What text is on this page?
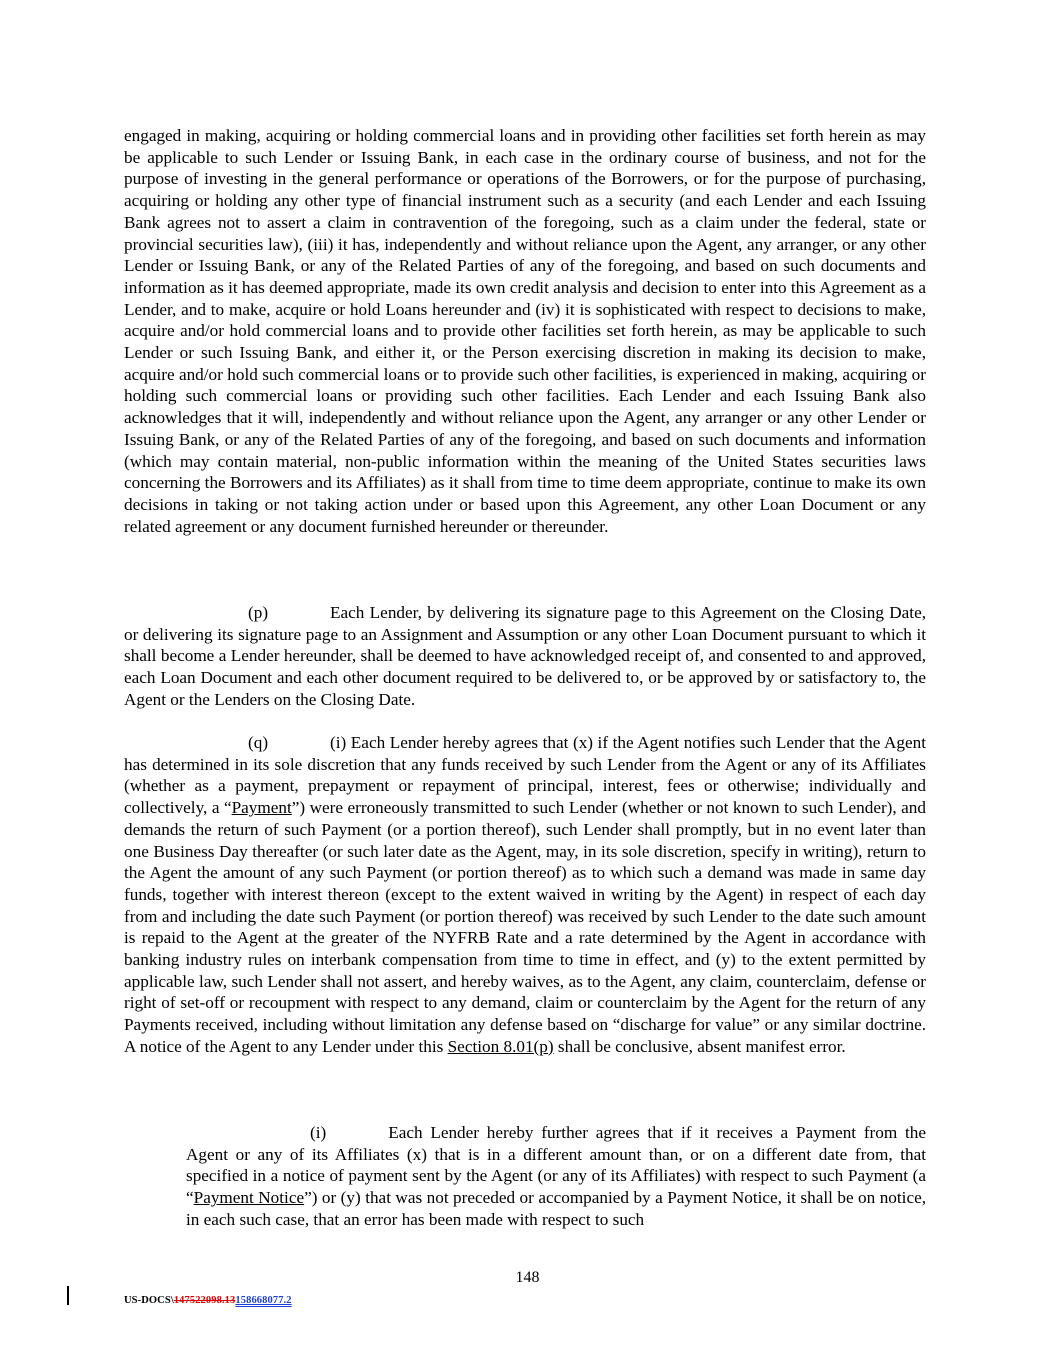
engaged in making, acquiring or holding commercial loans and in providing other facilities set forth herein as may be applicable to such Lender or Issuing Bank, in each case in the ordinary course of business, and not for the purpose of investing in the general performance or operations of the Borrowers, or for the purpose of purchasing, acquiring or holding any other type of financial instrument such as a security (and each Lender and each Issuing Bank agrees not to assert a claim in contravention of the foregoing, such as a claim under the federal, state or provincial securities law), (iii) it has, independently and without reliance upon the Agent, any arranger, or any other Lender or Issuing Bank, or any of the Related Parties of any of the foregoing, and based on such documents and information as it has deemed appropriate, made its own credit analysis and decision to enter into this Agreement as a Lender, and to make, acquire or hold Loans hereunder and (iv) it is sophisticated with respect to decisions to make, acquire and/or hold commercial loans and to provide other facilities set forth herein, as may be applicable to such Lender or such Issuing Bank, and either it, or the Person exercising discretion in making its decision to make, acquire and/or hold such commercial loans or to provide such other facilities, is experienced in making, acquiring or holding such commercial loans or providing such other facilities. Each Lender and each Issuing Bank also acknowledges that it will, independently and without reliance upon the Agent, any arranger or any other Lender or Issuing Bank, or any of the Related Parties of any of the foregoing, and based on such documents and information (which may contain material, non-public information within the meaning of the United States securities laws concerning the Borrowers and its Affiliates) as it shall from time to time deem appropriate, continue to make its own decisions in taking or not taking action under or based upon this Agreement, any other Loan Document or any related agreement or any document furnished hereunder or thereunder.

(p)	Each Lender, by delivering its signature page to this Agreement on the Closing Date, or delivering its signature page to an Assignment and Assumption or any other Loan Document pursuant to which it shall become a Lender hereunder, shall be deemed to have acknowledged receipt of, and consented to and approved, each Loan Document and each other document required to be delivered to, or be approved by or satisfactory to, the Agent or the Lenders on the Closing Date.

(q)	(i) Each Lender hereby agrees that (x) if the Agent notifies such Lender that the Agent has determined in its sole discretion that any funds received by such Lender from the Agent or any of its Affiliates (whether as a payment, prepayment or repayment of principal, interest, fees or otherwise; individually and collectively, a “Payment”) were erroneously transmitted to such Lender (whether or not known to such Lender), and demands the return of such Payment (or a portion thereof), such Lender shall promptly, but in no event later than one Business Day thereafter (or such later date as the Agent, may, in its sole discretion, specify in writing), return to the Agent the amount of any such Payment (or portion thereof) as to which such a demand was made in same day funds, together with interest thereon (except to the extent waived in writing by the Agent) in respect of each day from and including the date such Payment (or portion thereof) was received by such Lender to the date such amount is repaid to the Agent at the greater of the NYFRB Rate and a rate determined by the Agent in accordance with banking industry rules on interbank compensation from time to time in effect, and (y) to the extent permitted by applicable law, such Lender shall not assert, and hereby waives, as to the Agent, any claim, counterclaim, defense or right of set-off or recoupment with respect to any demand, claim or counterclaim by the Agent for the return of any Payments received, including without limitation any defense based on “discharge for value” or any similar doctrine. A notice of the Agent to any Lender under this Section 8.01(p) shall be conclusive, absent manifest error.

(i)	Each Lender hereby further agrees that if it receives a Payment from the Agent or any of its Affiliates (x) that is in a different amount than, or on a different date from, that specified in a notice of payment sent by the Agent (or any of its Affiliates) with respect to such Payment (a “Payment Notice”) or (y) that was not preceded or accompanied by a Payment Notice, it shall be on notice, in each such case, that an error has been made with respect to such

148
US-DOCS\147522098.13158668077.2
